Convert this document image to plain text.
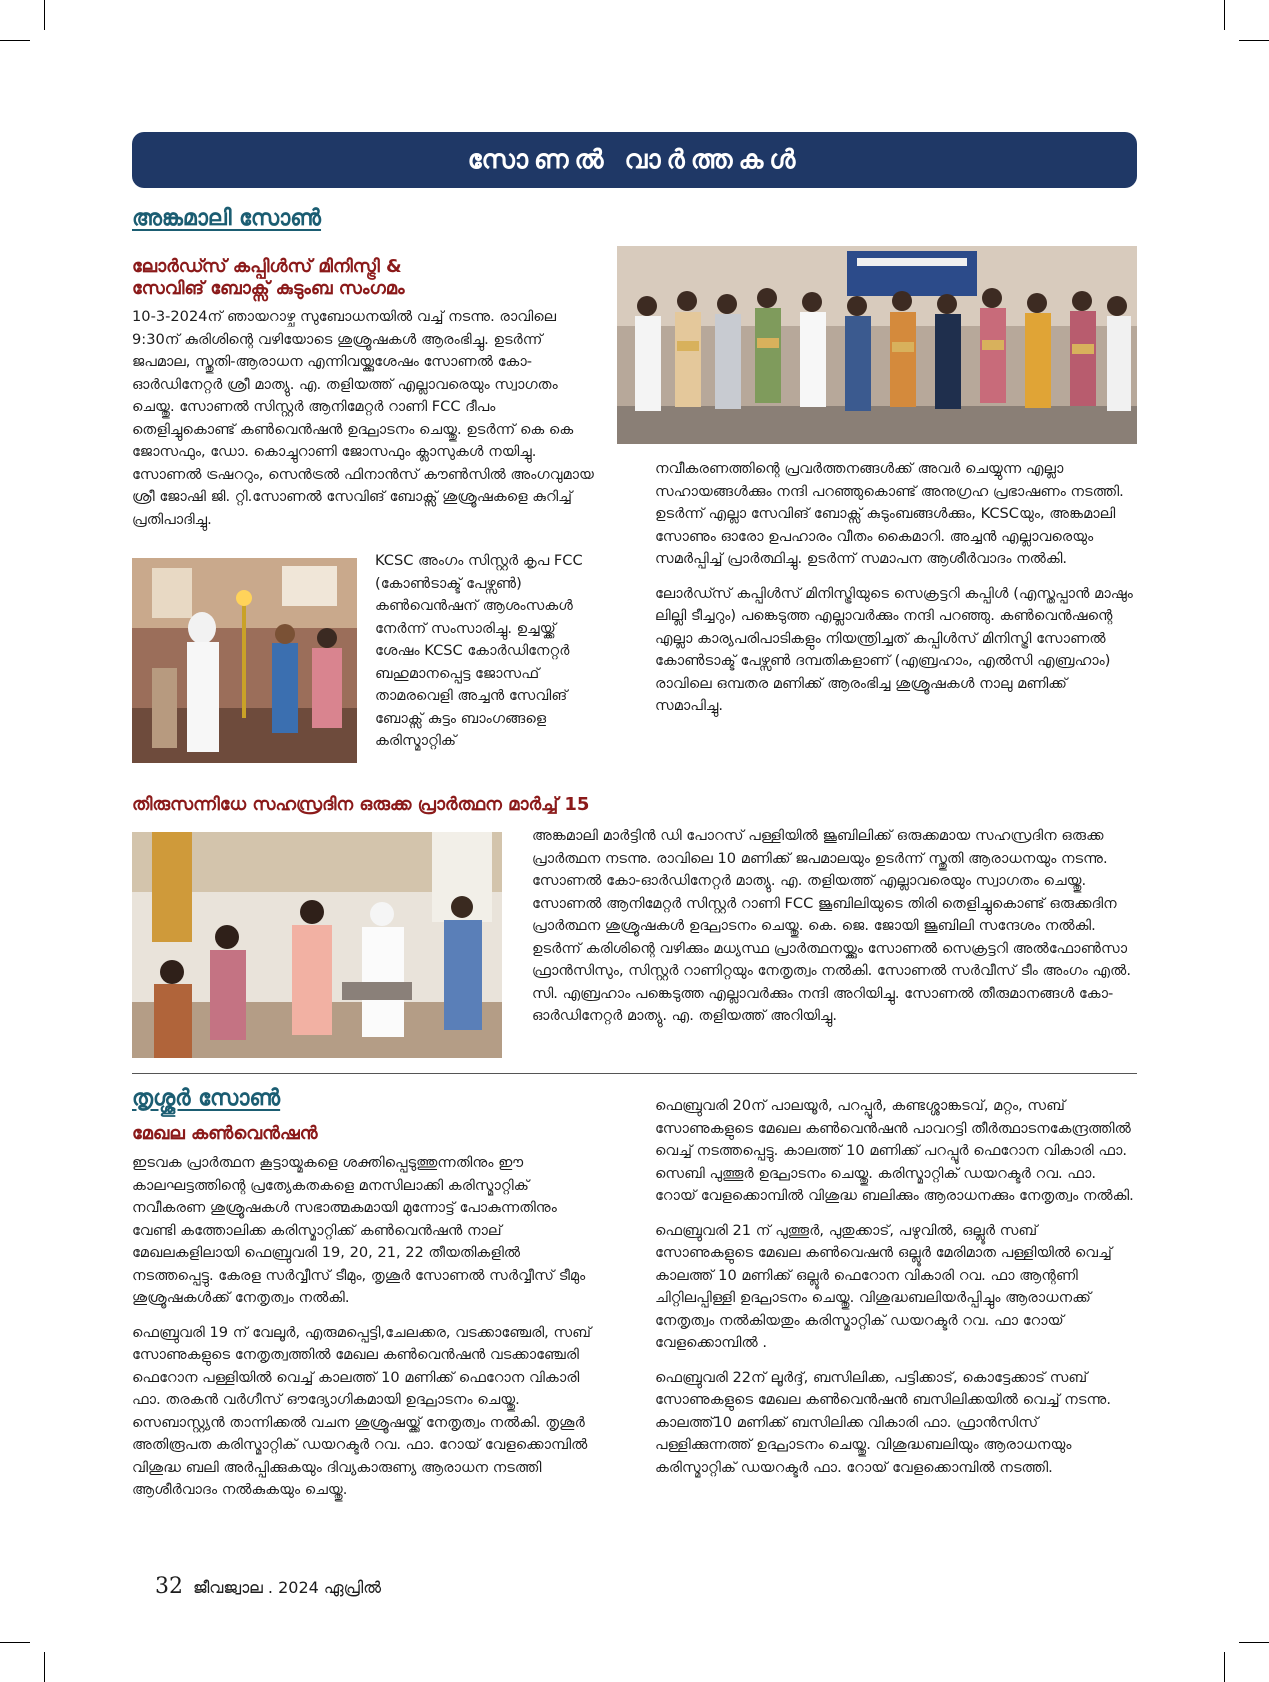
സോണൽ വാർത്തകൾ
അങ്കമാലി സോൺ
ലോർഡ്സ് കപ്പിൾസ് മിനിസ്ട്രി &
സേവിങ് ബോക്സ് കുടുംബ സംഗമം

10-3-2024ന് ഞായറാഴ്ച സുബോധനയിൽ വച്ച് നടന്നു. രാവിലെ 9:30ന് കുരിശിന്റെ വഴിയോടെ ശുശ്രൂഷകൾ ആരംഭിച്ചു. ഉടർന്ന് ജപമാല, സ്തുതി-ആരാധന എന്നിവയ്ക്കുശേഷം സോണൽ കോ-ഓർഡിനേറ്റർ ശ്രീ മാത്യു. എ. തളിയത്ത് എല്ലാവരെയും സ്വാഗതം ചെയ്തു. സോണൽ സിസ്റ്റർ ആനിമേറ്റർ റാണി FCC ദീപം തെളിച്ചുകൊണ്ട് കൺവെൻഷൻ ഉദ്ഘാടനം ചെയ്തു. ഉടർന്ന് കെ കെ ജോസഫും, ഡോ. കൊച്ചുറാണി ജോസഫും ക്ലാസുകൾ നയിച്ചു. സോണൽ ട്രഷററും, സെൻട്രൽ ഫിനാൻസ് കൗൺസിൽ അംഗവുമായ ശ്രീ ജോഷി ജി. റ്റി.സോണൽ സേവിങ് ബോക്സ് ശുശ്രൂഷകളെ കുറിച്ച് പ്രതിപാദിച്ചു.

KCSC അംഗം സിസ്റ്റർ കൃപ FCC (കോൺടാക്ട് പേഴ്സൺ) കൺവെൻഷന് ആശംസകൾ നേർന്ന് സംസാരിച്ചു. ഉച്ചയ്ക്ക് ശേഷം KCSC കോർഡിനേറ്റർ ബഹുമാനപ്പെട്ട ജോസഫ് താമരവെളി അച്ചൻ സേവിങ് ബോക്സ് കുട്ടം ബാംഗങ്ങളെ കരിസ്മാറ്റിക്

നവീകരണത്തിന്റെ പ്രവർത്തനങ്ങൾക്ക് അവർ ചെയ്യുന്ന എല്ലാ സഹായങ്ങൾക്കും നന്ദി പറഞ്ഞുകൊണ്ട് അനുഗ്രഹ പ്രഭാഷണം നടത്തി. ഉടർന്ന് എല്ലാ സേവിങ് ബോക്സ് കുടുംബങ്ങൾക്കും, KCSCയും, അങ്കമാലി സോണും ഓരോ ഉപഹാരം വീതം കൈമാറി. അച്ചൻ എല്ലാവരെയും സമർപ്പിച്ച് പ്രാർത്ഥിച്ചു. ഉടർന്ന് സമാപന ആശീർവാദം നൽകി.

ലോർഡ്സ് കപ്പിൾസ് മിനിസ്ട്രിയുടെ സെക്രട്ടറി കപ്പിൾ (എസ്തപ്പാൻ മാഷും ലില്ലി ടീച്ചറും) പങ്കെടുത്ത എല്ലാവർക്കും നന്ദി പറഞ്ഞു. കൺവെൻഷന്റെ എല്ലാ കാര്യപരിപാടികളും നിയന്ത്രിച്ചത് കപ്പിൾസ് മിനിസ്ട്രി സോണൽ കോൺടാക്ട് പേഴ്സൺ ദമ്പതികളാണ് (എബ്രഹാം, എൽസി എബ്രഹാം) രാവിലെ ഒമ്പതര മണിക്ക് ആരംഭിച്ച ശുശ്രൂഷകൾ നാലു മണിക്ക് സമാപിച്ചു.

തിരുസന്നിധേ സഹസ്രദിന ഒരുക്ക പ്രാർത്ഥന മാർച്ച് 15

അങ്കമാലി മാർട്ടിൻ ഡി പോറസ് പള്ളിയിൽ ജൂബിലിക്ക് ഒരുക്കമായ സഹസ്രദിന ഒരുക്ക പ്രാർത്ഥന നടന്നു. രാവിലെ 10 മണിക്ക് ജപമാലയും ഉടർന്ന് സ്തുതി ആരാധനയും നടന്നു. സോണൽ കോ-ഓർഡിനേറ്റർ മാത്യു. എ. തളിയത്ത് എല്ലാവരെയും സ്വാഗതം ചെയ്തു. സോണൽ ആനിമേറ്റർ സിസ്റ്റർ റാണി FCC ജൂബിലിയുടെ തിരി തെളിച്ചുകൊണ്ട് ഒരുക്കദിന പ്രാർത്ഥന ശുശ്രൂഷകൾ ഉദ്ഘാടനം ചെയ്തു. കെ. ജെ. ജോയി ജൂബിലി സന്ദേശം നൽകി. ഉടർന്ന് കരിശിന്റെ വഴിക്കും മധ്യസ്ഥ പ്രാർത്ഥനയ്ക്കും സോണൽ സെക്രട്ടറി അൽഫോൺസാ ഫ്രാൻസിസും, സിസ്റ്റർ റാണിറ്റയും നേതൃത്വം നൽകി. സോണൽ സർവീസ് ടീം അംഗം എൽ. സി. എബ്രഹാം പങ്കെടുത്ത എല്ലാവർക്കും നന്ദി അറിയിച്ചു. സോണൽ തീരുമാനങ്ങൾ കോ-ഓർഡിനേറ്റർ മാത്യു. എ. തളിയത്ത് അറിയിച്ചു.

തൃശ്ശൂർ സോൺ
മേഖല കൺവെൻഷൻ

ഇടവക പ്രാർത്ഥന കൂട്ടായ്മകളെ ശക്തിപ്പെടുത്തുന്നതിനും ഈ കാലഘട്ടത്തിന്റെ പ്രത്യേകതകളെ മനസിലാക്കി കരിസ്മാറ്റിക് നവീകരണ ശുശ്രൂഷകൾ സഭാത്മകമായി മുന്നോട്ട് പോകുന്നതിനും വേണ്ടി കത്തോലിക്ക കരിസ്മാറ്റിക്ക് കൺവെൻഷൻ നാല് മേഖലകളിലായി ഫെബ്രുവരി 19, 20, 21, 22 തീയതികളിൽ നടത്തപ്പെട്ടു. കേരള സർവ്വീസ് ടീമും, തൃശൂർ സോണൽ സർവ്വീസ് ടീമും ശുശ്രൂഷകൾക്ക് നേതൃത്വം നൽകി.

ഫെബ്രുവരി 19 ന് വേലൂർ, എരുമപ്പെട്ടി,ചേലക്കര, വടക്കാഞ്ചേരി, സബ് സോണുകളുടെ നേതൃത്വത്തിൽ മേഖല കൺവെൻഷൻ വടക്കാഞ്ചേരി ഫെറോന പള്ളിയിൽ വെച്ച് കാലത്ത് 10 മണിക്ക് ഫെറോന വികാരി ഫാ. തരകൻ വർഗീസ് ഔദ്യോഗികമായി ഉദ്ഘാടനം ചെയ്തു. സെബാസ്റ്റ്യൻ താന്നിക്കൽ വചന ശുശ്രൂഷയ്ക്ക് നേതൃത്വം നൽകി. തൃശൂർ അതിരൂപത കരിസ്മാറ്റിക് ഡയറക്ടർ റവ. ഫാ. റോയ് വേളക്കൊമ്പിൽ വിശുദ്ധ ബലി അർപ്പിക്കുകയും ദിവ്യകാരുണ്യ ആരാധന നടത്തി ആശീർവാദം നൽകുകയും ചെയ്തു.

ഫെബ്രുവരി 20ന് പാലയൂർ, പറപ്പൂർ, കണ്ടശ്ശാങ്കടവ്, മറ്റം, സബ് സോണുകളുടെ മേഖല കൺവെൻഷൻ പാവറട്ടി തീർത്ഥാടനകേന്ദ്രത്തിൽ വെച്ച് നടത്തപ്പെട്ടു. കാലത്ത് 10 മണിക്ക് പറപ്പൂർ ഫെറോന വികാരി ഫാ. സെബി പുത്തൂർ ഉദ്ഘാടനം ചെയ്തു. കരിസ്മാറ്റിക് ഡയറക്ടർ റവ. ഫാ. റോയ് വേളക്കൊമ്പിൽ വിശുദ്ധ ബലിക്കും ആരാധനക്കും നേതൃത്വം നൽകി.

ഫെബ്രുവരി 21 ന് പുത്തൂർ, പുതുക്കാട്, പഴുവിൽ, ഒല്ലൂർ സബ് സോണുകളുടെ മേഖല കൺവെഷൻ ഒല്ലൂർ മേരിമാത പള്ളിയിൽ വെച്ച് കാലത്ത് 10 മണിക്ക് ഒല്ലൂർ ഫെറോന വികാരി റവ. ഫാ ആന്റണി ചിറ്റിലപ്പിള്ളി ഉദ്ഘാടനം ചെയ്തു. വിശുദ്ധബലിയർപ്പിച്ചും ആരാധനക്ക് നേതൃത്വം നൽകിയതും കരിസ്മാറ്റിക് ഡയറക്ടർ റവ. ഫാ റോയ് വേളക്കൊമ്പിൽ .

ഫെബ്രുവരി 22ന് ലൂർദ്ദ്, ബസിലിക്ക, പട്ടിക്കാട്, കൊട്ടേക്കാട് സബ് സോണുകളുടെ മേഖല കൺവെൻഷൻ ബസിലിക്കയിൽ വെച്ച് നടന്നു. കാലത്ത്10 മണിക്ക് ബസിലിക്ക വികാരി ഫാ. ഫ്രാൻസിസ് പള്ളിക്കുന്നത്ത് ഉദ്ഘാടനം ചെയ്തു. വിശുദ്ധബലിയും ആരാധനയും കരിസ്മാറ്റിക് ഡയറക്ടർ ഫാ. റോയ് വേളക്കൊമ്പിൽ നടത്തി.

32 ജീവജ്വാല . 2024 ഏപ്രിൽ
